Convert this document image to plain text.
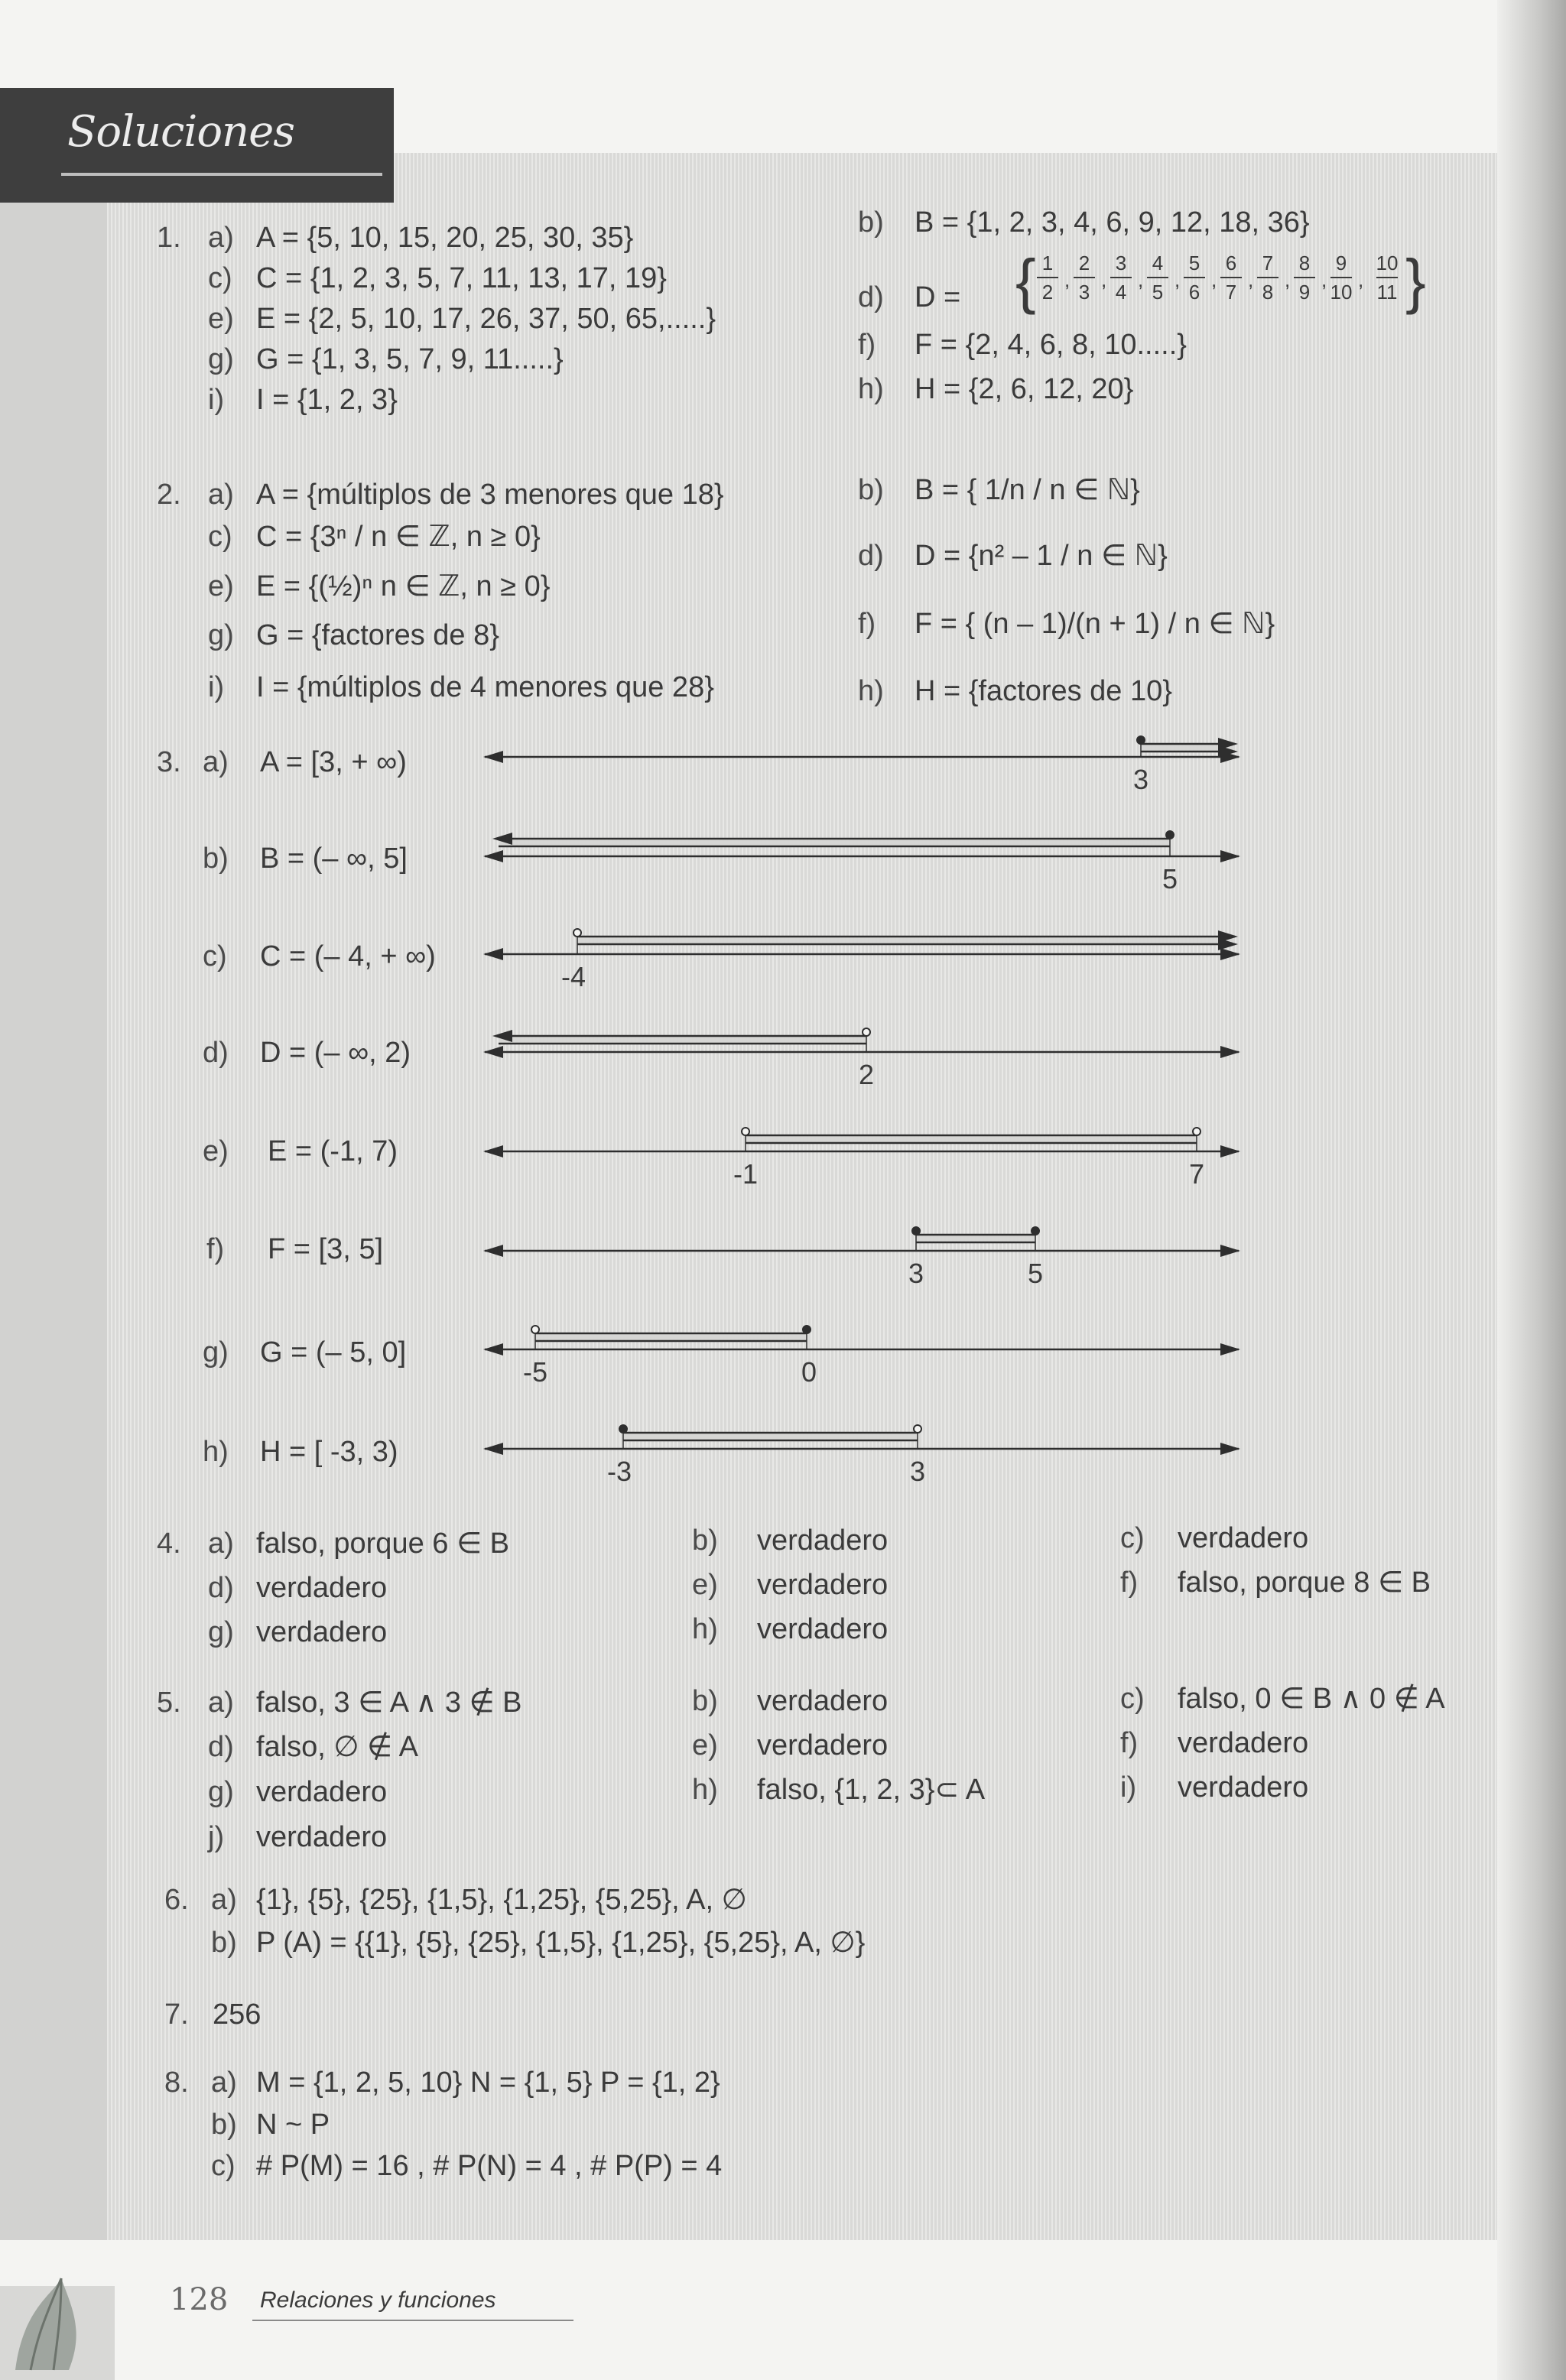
Soluciones
1. a) A = {5, 10, 15, 20, 25, 30, 35}
c) C = {1, 2, 3, 5, 7, 11, 13, 17, 19}
e) E = {2, 5, 10, 17, 26, 37, 50, 65,.....}
g) G = {1, 3, 5, 7, 9, 11.....}
i) I = {1, 2, 3}
b) B = {1, 2, 3, 4, 6, 9, 12, 18, 36}
d) D = { 1
2
,
2
3
,
3
4
,
4
5
,
5
6
,
6
7
,
7
8
,
8
9
,
9
10
,
10
11 }
f) F = {2, 4, 6, 8, 10.....}
h) H = {2, 6, 12, 20}
2. a) A = {múltiplos de 3 menores que 18}
c) C = {3ⁿ / n ∈ ℤ, n ≥ 0}
e) E = {(½)ⁿ n ∈ ℤ, n ≥ 0}
g) G = {factores de 8}
i) I = {múltiplos de 4 menores que 28}
b) B = { 1/n / n ∈ ℕ}
d) D = {n² – 1 / n ∈ ℕ}
f) F = { (n – 1)/(n + 1) / n ∈ ℕ}
h) H = {factores de 10}
3. a) A = [3, + ∞)
3
b) B = (– ∞, 5]
5
c) C = (– 4, + ∞)
-4
d) D = (– ∞, 2)
2
e) E = (-1, 7)
-1	7
f) F = [3, 5]
3	5
g) G = (– 5, 0]
-5	0
h) H = [ -3, 3)
-3	3
4. a) falso, porque 6 ∈ B
d) verdadero
g) verdadero
b) verdadero
e) verdadero
h) verdadero
c) verdadero
f) falso, porque 8 ∈ B
5. a) falso, 3 ∈ A ∧ 3 ∉ B
d) falso, ∅ ∉ A
g) verdadero
j) verdadero
b) verdadero
e) verdadero
h) falso, {1, 2, 3}⊂ A
c) falso, 0 ∈ B ∧ 0 ∉ A
f) verdadero
i) verdadero
6. a) {1}, {5}, {25}, {1,5}, {1,25}, {5,25}, A, ∅
b) P (A) = {{1}, {5}, {25}, {1,5}, {1,25}, {5,25}, A, ∅}
7. 256
8. a) M = {1, 2, 5, 10} N = {1, 5} P = {1, 2}
b) N ~ P
c) # P(M) = 16 , # P(N) = 4 , # P(P) = 4
128 Relaciones y funciones
